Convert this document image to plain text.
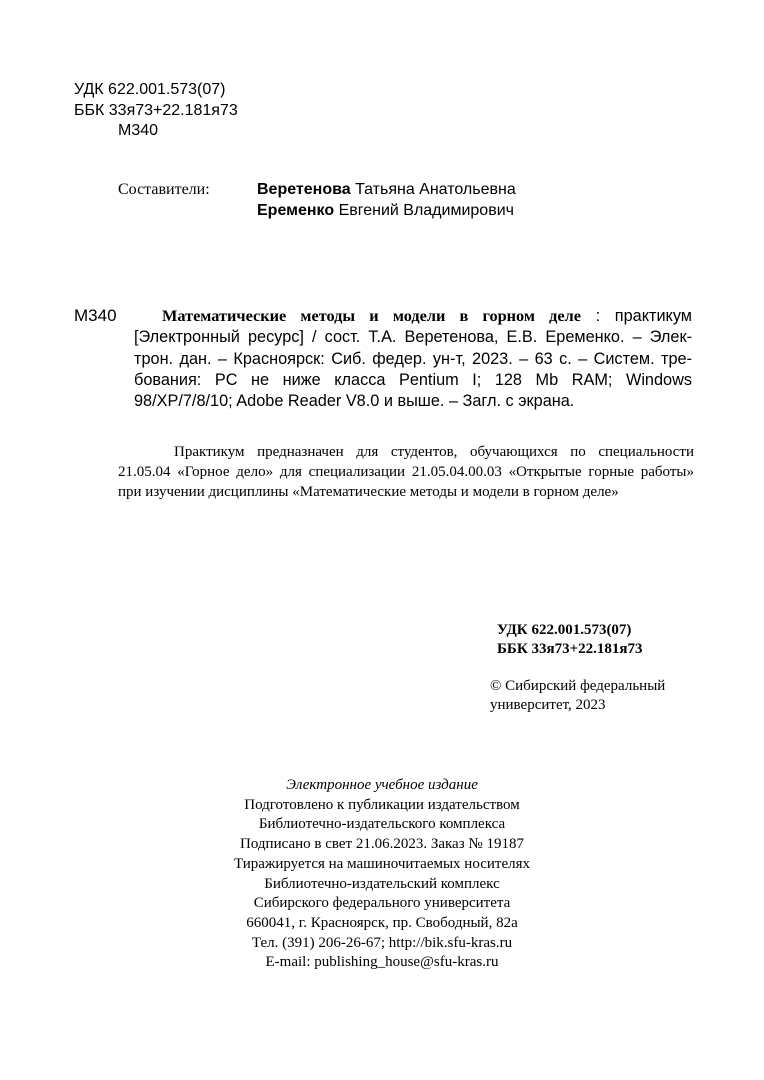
УДК 622.001.573(07)
ББК 33я73+22.181я73
М340
Составители:	Веретенова Татьяна Анатольевна
Еременко Евгений Владимирович
М340	Математические методы и модели в горном деле : практикум
[Электронный ресурс] / сост. Т.А. Веретенова, Е.В. Еременко. – Элек-
трон. дан. – Красноярск: Сиб. федер. ун-т, 2023. – 63 с. – Систем. тре-
бования: PC не ниже класса Pentium I; 128 Mb RAM; Windows
98/XP/7/8/10; Adobe Reader V8.0 и выше. – Загл. с экрана.

Практикум предназначен для студентов, обучающихся по специальности

21.05.04 «Горное дело» для специализации 21.05.04.00.03 «Открытые горные работы»

при изучении дисциплины «Математические методы и модели в горном деле»

УДК 622.001.573(07)
ББК 33я73+22.181я73
© Сибирский федеральный
университет, 2023
Электронное учебное издание
Подготовлено к публикации издательством
Библиотечно-издательского комплекса
Подписано в свет 21.06.2023. Заказ № 19187
Тиражируется на машиночитаемых носителях
Библиотечно-издательский комплекс
Сибирского федерального университета
660041, г. Красноярск, пр. Свободный, 82а
Тел. (391) 206-26-67; http://bik.sfu-kras.ru
E-mail: publishing_house@sfu-kras.ru
